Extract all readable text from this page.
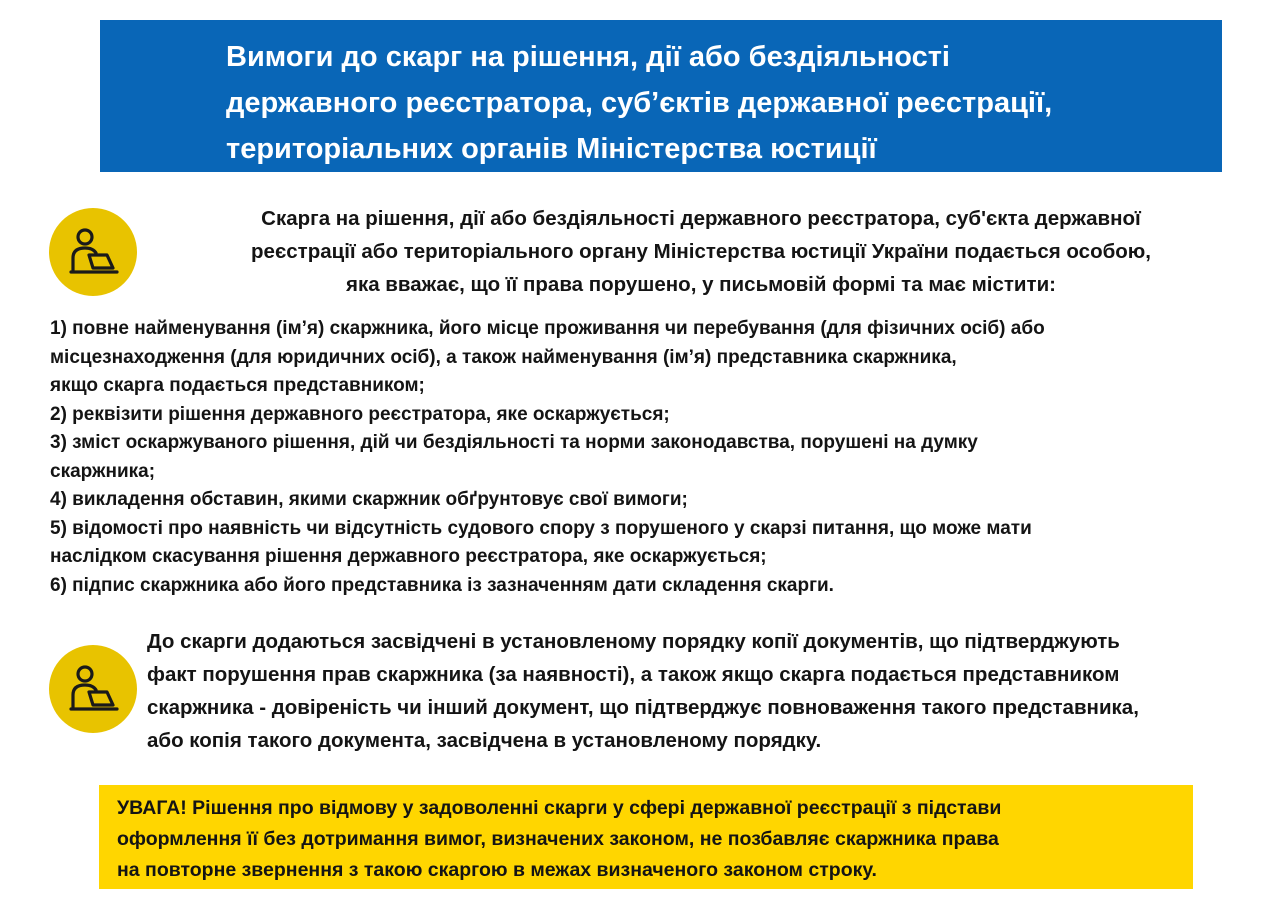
Вимоги до скарг на рішення, дії або бездіяльності
державного реєстратора, суб’єктів державної реєстрації,
територіальних органів Міністерства юстиції

Скарга на рішення, дії або бездіяльності державного реєстратора, суб'єкта державної
реєстрації або територіального органу Міністерства юстиції України подається особою,
яка вважає, що її права порушено, у письмовій формі та має містити:

1) повне найменування (ім’я) скаржника, його місце проживання чи перебування (для фізичних осіб) або
місцезнаходження (для юридичних осіб), а також найменування (ім’я) представника скаржника,
якщо скарга подається представником;
2) реквізити рішення державного реєстратора, яке оскаржується;
3) зміст оскаржуваного рішення, дій чи бездіяльності та норми законодавства, порушені на думку
скаржника;
4) викладення обставин, якими скаржник обґрунтовує свої вимоги;
5) відомості про наявність чи відсутність судового спору з порушеного у скарзі питання, що може мати
наслідком скасування рішення державного реєстратора, яке оскаржується;
6) підпис скаржника або його представника із зазначенням дати складення скарги.

До скарги додаються засвідчені в установленому порядку копії документів, що підтверджують
факт порушення прав скаржника (за наявності), а також якщо скарга подається представником
скаржника - довіреність чи інший документ, що підтверджує повноваження такого представника,
або копія такого документа, засвідчена в установленому порядку.

УВАГА! Рішення про відмову у задоволенні скарги у сфері державної реєстрації з підстави
оформлення її без дотримання вимог, визначених законом, не позбавляє скаржника права
на повторне звернення з такою скаргою в межах визначеного законом строку.
